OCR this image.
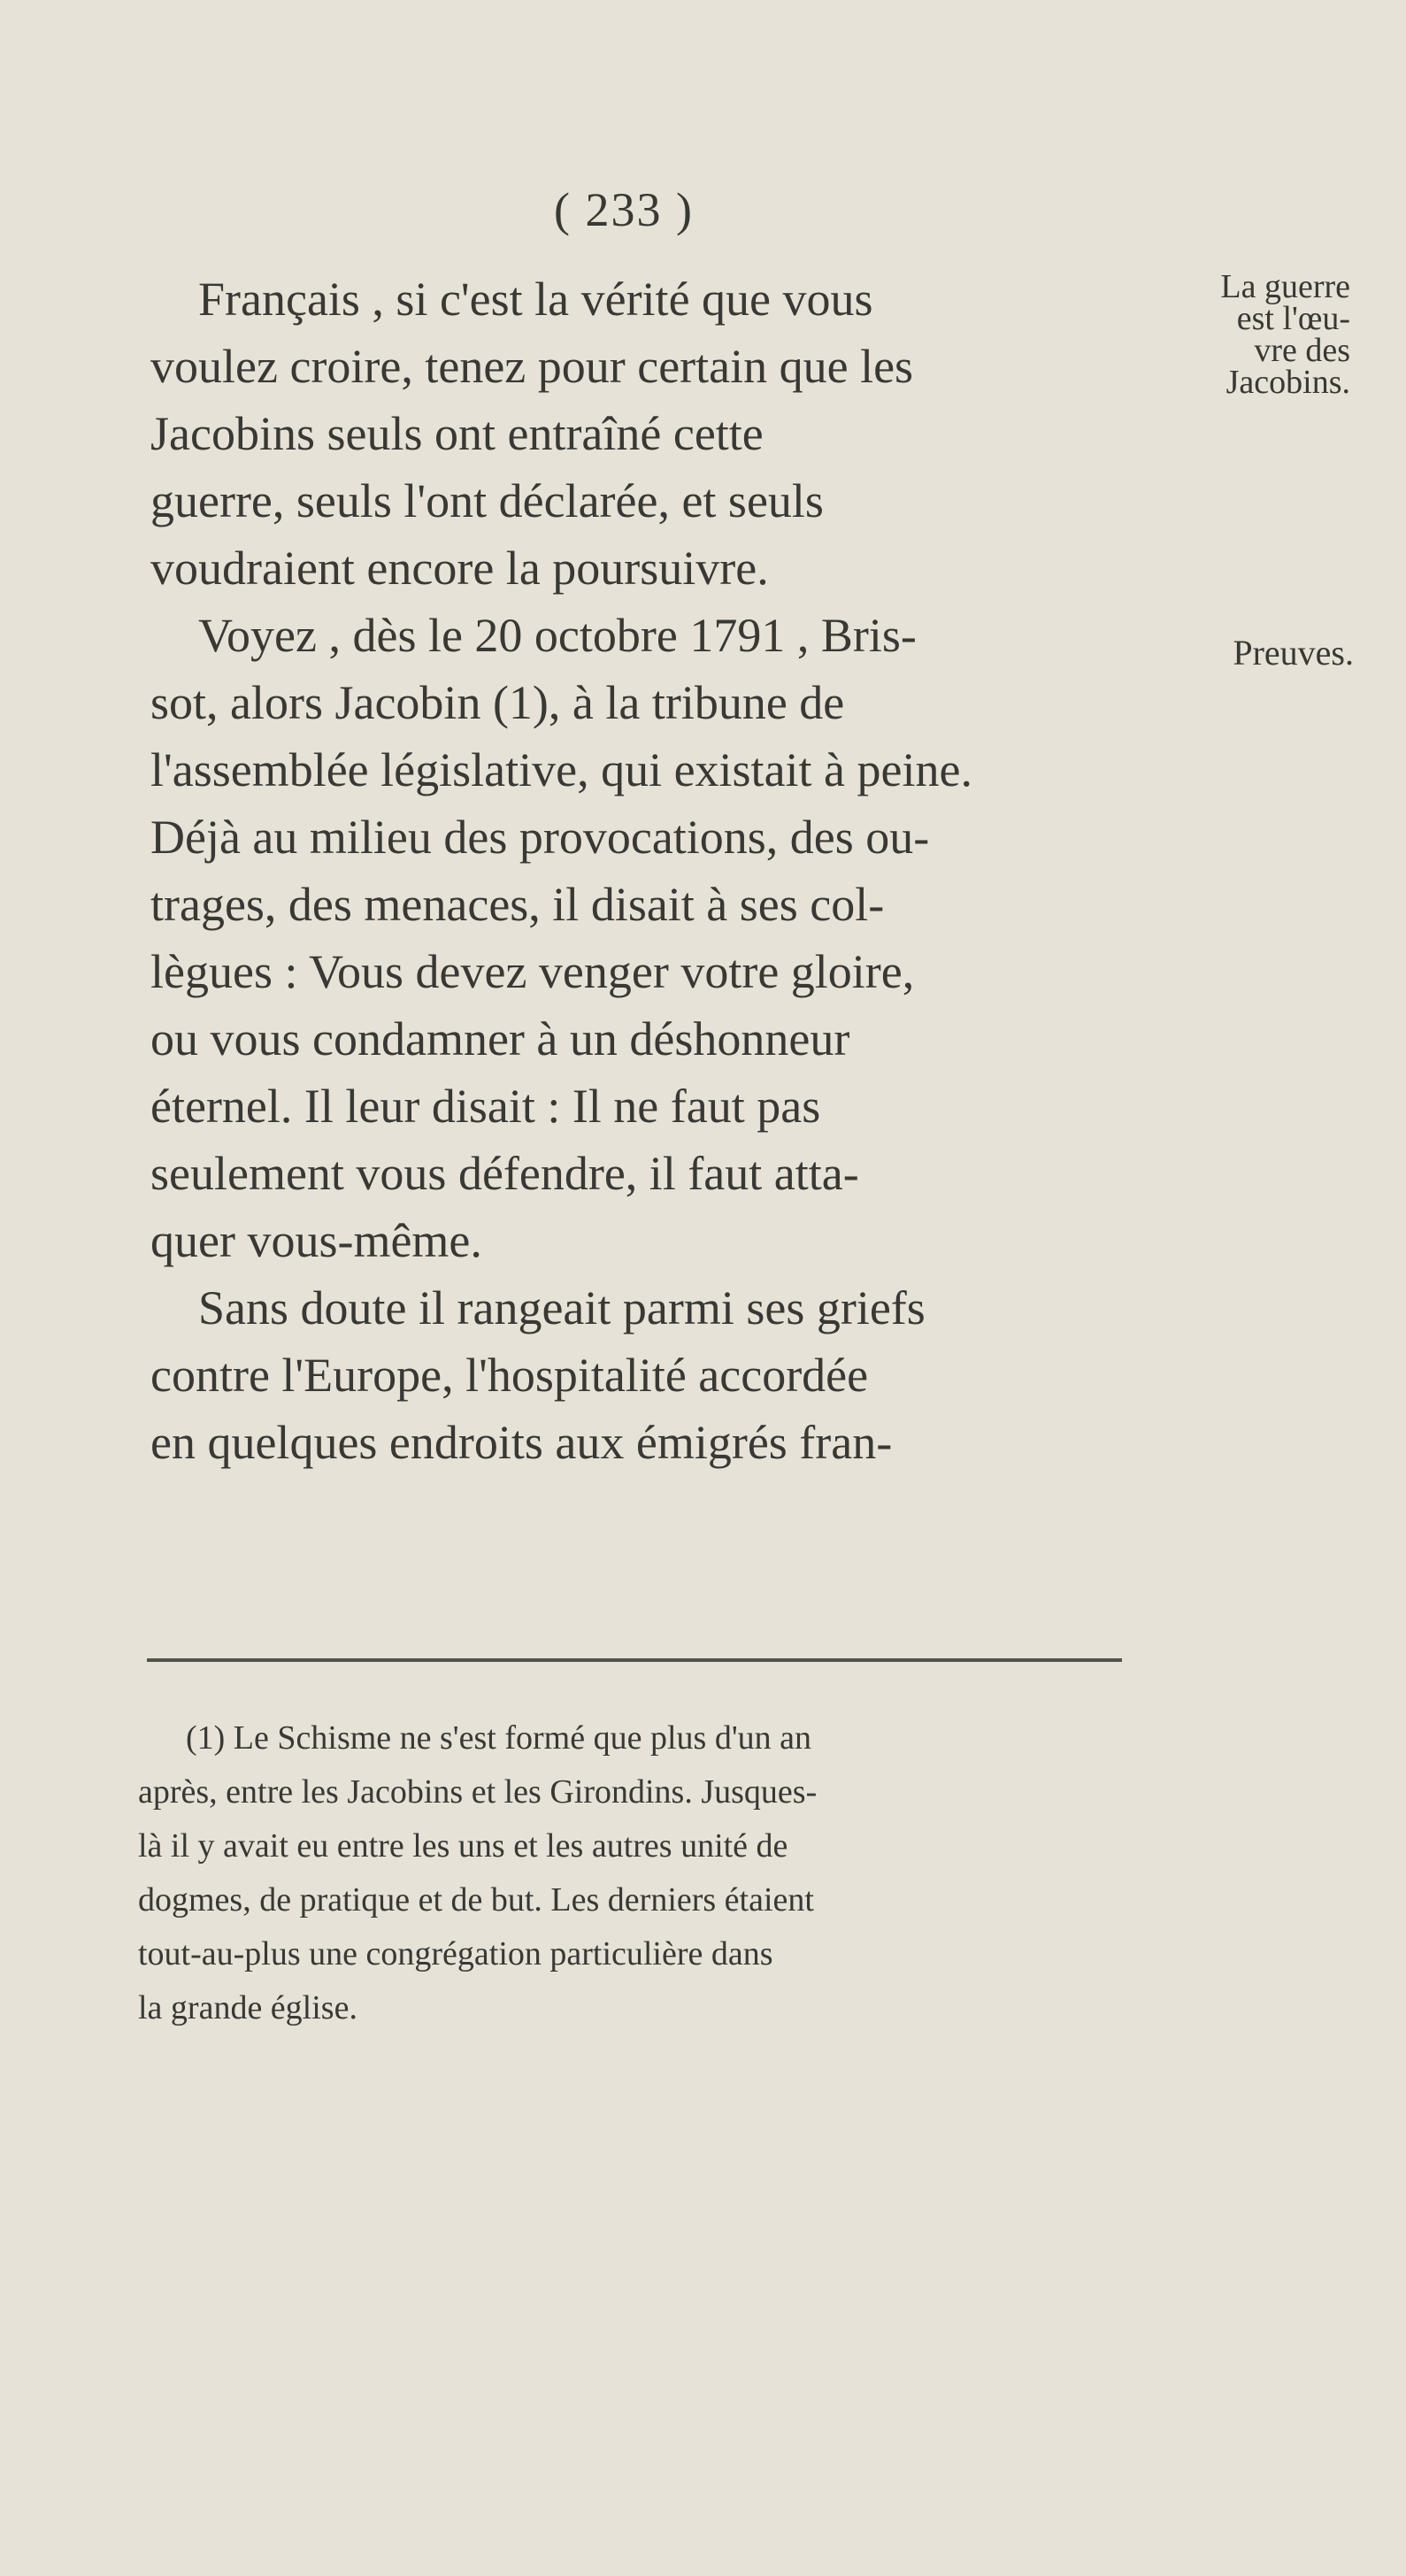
( 233 )
La guerre
est l'œu-
vre des
Jacobins.
Preuves.
Français , si c'est la vérité que vous
voulez croire, tenez pour certain que les
Jacobins seuls ont entraîné cette
guerre, seuls l'ont déclarée, et seuls
voudraient encore la poursuivre.
Voyez , dès le 20 octobre 1791 , Bris-
sot, alors Jacobin (1), à la tribune de
l'assemblée législative, qui existait à peine.
Déjà au milieu des provocations, des ou-
trages, des menaces, il disait à ses col-
lègues : Vous devez venger votre gloire,
ou vous condamner à un déshonneur
éternel. Il leur disait : Il ne faut pas
seulement vous défendre, il faut atta-
quer vous-même.
Sans doute il rangeait parmi ses griefs
contre l'Europe, l'hospitalité accordée
en quelques endroits aux émigrés fran-
(1) Le Schisme ne s'est formé que plus d'un an
après, entre les Jacobins et les Girondins. Jusques-
là il y avait eu entre les uns et les autres unité de
dogmes, de pratique et de but. Les derniers étaient
tout-au-plus une congrégation particulière dans
la grande église.
